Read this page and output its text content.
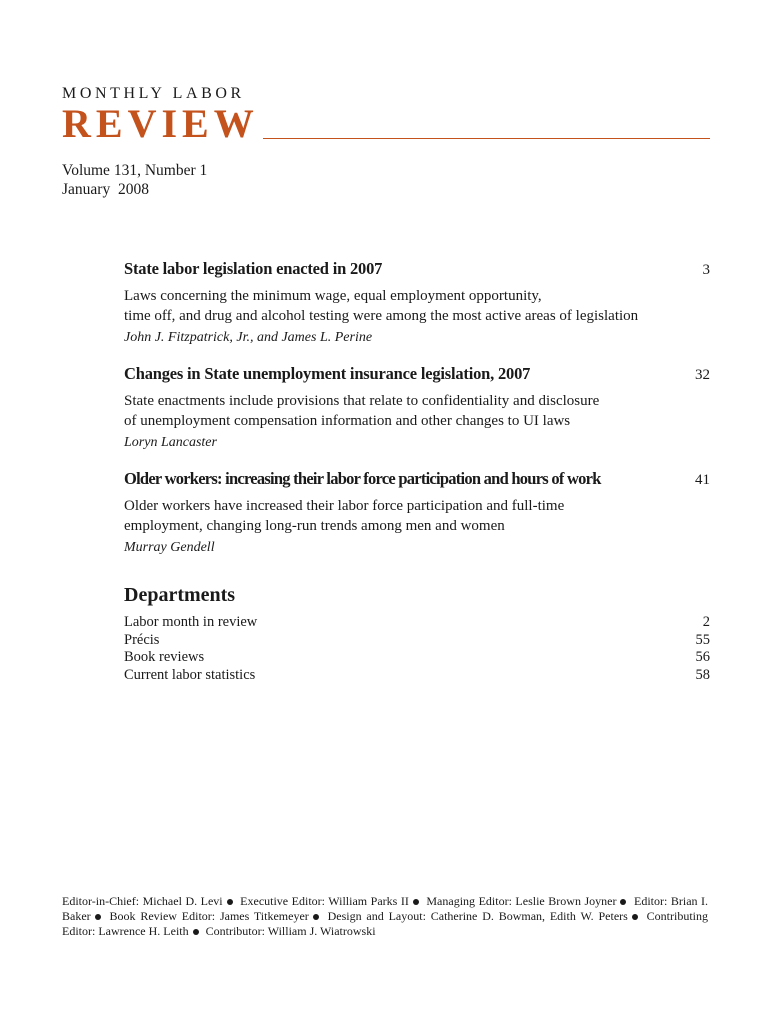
MONTHLY LABOR
REVIEW
Volume 131, Number 1
January  2008
State labor legislation enacted in 2007	3
Laws concerning the minimum wage, equal employment opportunity,
time off, and drug and alcohol testing were among the most active areas of legislation
John J. Fitzpatrick, Jr., and James L. Perine
Changes in State unemployment insurance legislation, 2007	32
State enactments include provisions that relate to confidentiality and disclosure
of unemployment compensation information and other changes to UI laws
Loryn Lancaster
Older workers: increasing their labor force participation and hours of work	41
Older workers have increased their labor force participation and full-time
employment, changing long-run trends among men and women
Murray Gendell
Departments
Labor month in review	2
Précis	55
Book reviews	56
Current labor statistics	58
Editor-in-Chief: Michael D. Levi Executive Editor: William Parks II Managing Editor: Leslie Brown Joyner Editor: Brian I. Baker Book Review Editor: James Titkemeyer Design and Layout: Catherine D. Bowman, Edith W. Peters Contributing Editor: Lawrence H. Leith Contributor: William J. Wiatrowski
